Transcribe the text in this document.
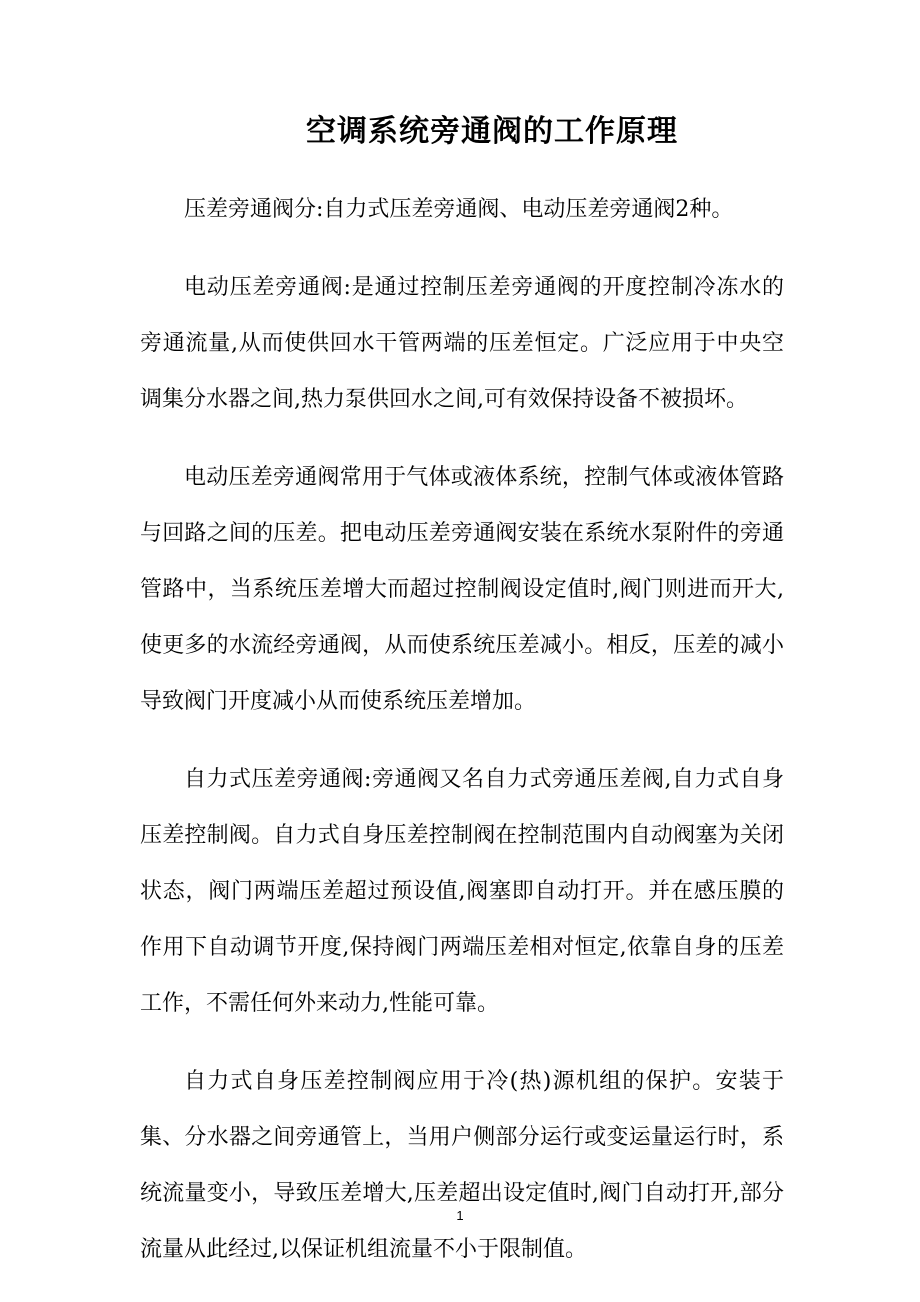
空调系统旁通阀的工作原理

压差旁通阀分:自力式压差旁通阀、电动压差旁通阀2种。

电动压差旁通阀:是通过控制压差旁通阀的开度控制冷冻水的旁通流量,从而使供回水干管两端的压差恒定。广泛应用于中央空调集分水器之间,热力泵供回水之间,可有效保持设备不被损坏。

电动压差旁通阀常用于气体或液体系统，控制气体或液体管路与回路之间的压差。把电动压差旁通阀安装在系统水泵附件的旁通管路中，当系统压差增大而超过控制阀设定值时,阀门则进而开大,使更多的水流经旁通阀，从而使系统压差减小。相反，压差的减小导致阀门开度减小从而使系统压差增加。

自力式压差旁通阀:旁通阀又名自力式旁通压差阀,自力式自身压差控制阀。自力式自身压差控制阀在控制范围内自动阀塞为关闭状态，阀门两端压差超过预设值,阀塞即自动打开。并在感压膜的作用下自动调节开度,保持阀门两端压差相对恒定,依靠自身的压差工作，不需任何外来动力,性能可靠。

自力式自身压差控制阀应用于冷(热)源机组的保护。安装于集、分水器之间旁通管上，当用户侧部分运行或变运量运行时，系统流量变小，导致压差增大,压差超出设定值时,阀门自动打开,部分流量从此经过,以保证机组流量不小于限制值。

1
